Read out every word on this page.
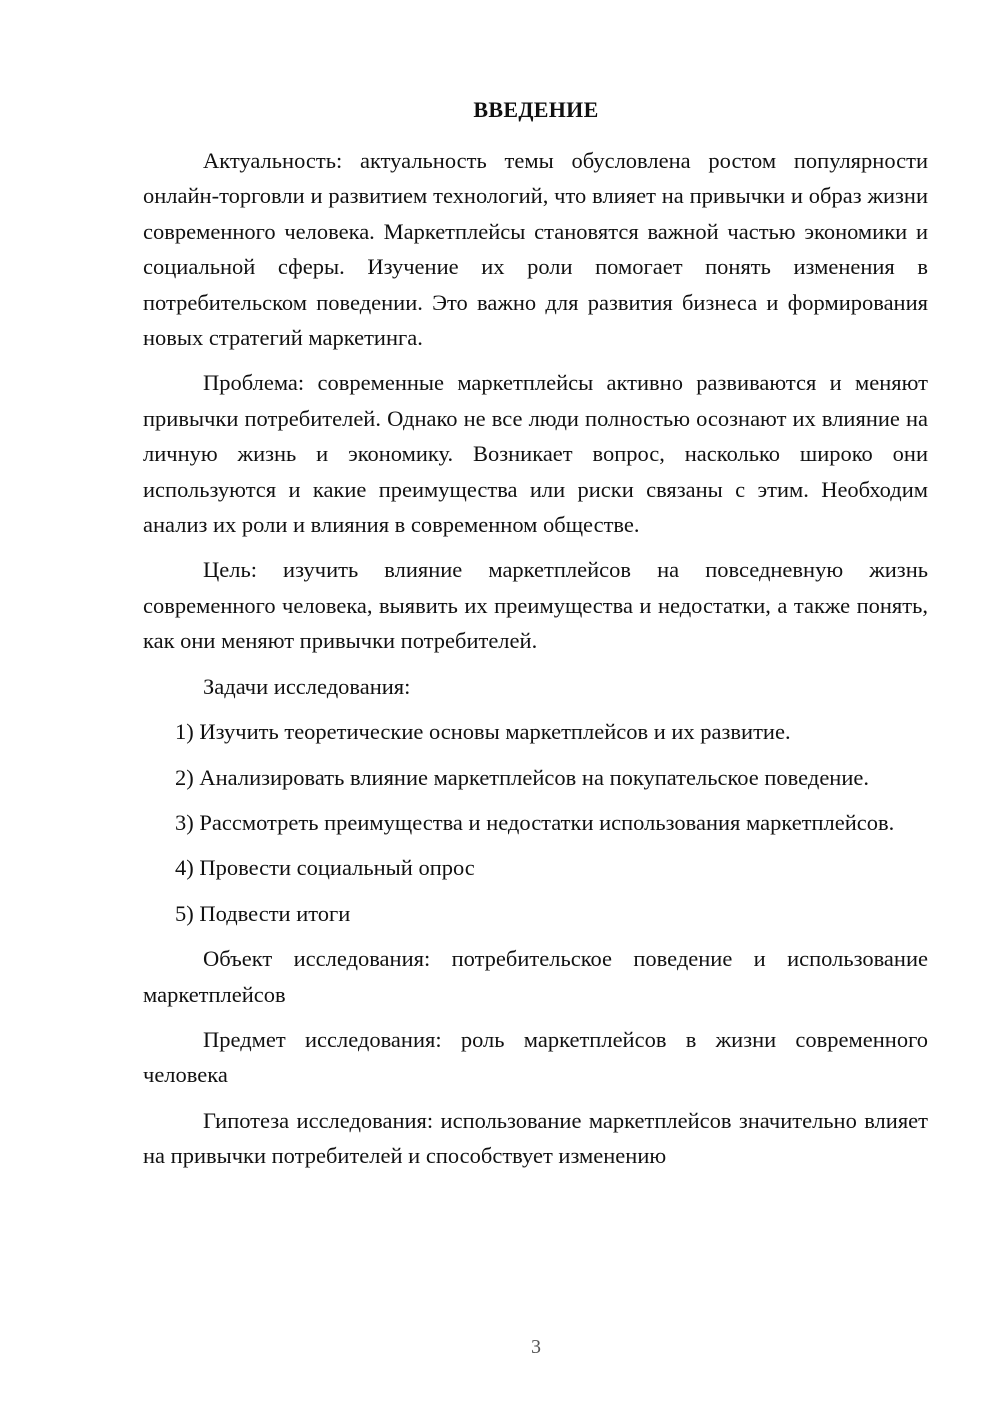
ВВЕДЕНИЕ

Актуальность: актуальность темы обусловлена ростом популярности онлайн-торговли и развитием технологий, что влияет на привычки и образ жизни современного человека. Маркетплейсы становятся важной частью экономики и социальной сферы. Изучение их роли помогает понять изменения в потребительском поведении. Это важно для развития бизнеса и формирования новых стратегий маркетинга.

Проблема: современные маркетплейсы активно развиваются и меняют привычки потребителей. Однако не все люди полностью осознают их влияние на личную жизнь и экономику. Возникает вопрос, насколько широко они используются и какие преимущества или риски связаны с этим. Необходим анализ их роли и влияния в современном обществе.

Цель: изучить влияние маркетплейсов на повседневную жизнь современного человека, выявить их преимущества и недостатки, а также понять, как они меняют привычки потребителей.

Задачи исследования:

1) Изучить теоретические основы маркетплейсов и их развитие.

2) Анализировать влияние маркетплейсов на покупательское поведение.

3) Рассмотреть преимущества и недостатки использования маркетплейсов.

4) Провести социальный опрос

5) Подвести итоги

Объект исследования: потребительское поведение и использование маркетплейсов

Предмет исследования: роль маркетплейсов в жизни современного человека

Гипотеза исследования: использование маркетплейсов значительно влияет на привычки потребителей и способствует изменению

3
